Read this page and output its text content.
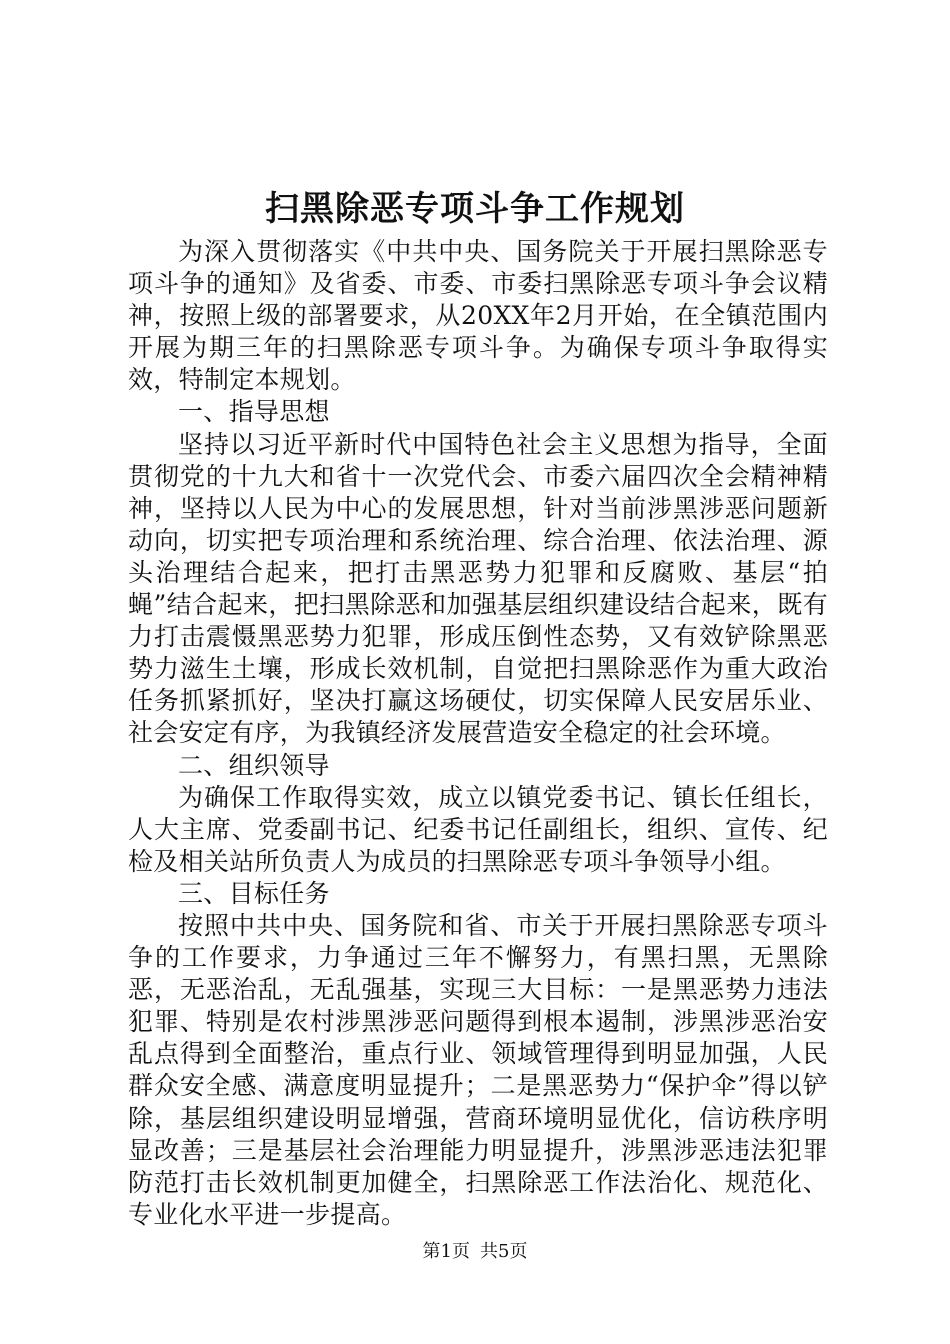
扫黑除恶专项斗争工作规划

为深入贯彻落实《中共中央、国务院关于开展扫黑除恶专项斗争的通知》及省委、市委、市委扫黑除恶专项斗争会议精神，按照上级的部署要求，从20XX年2月开始，在全镇范围内开展为期三年的扫黑除恶专项斗争。为确保专项斗争取得实效，特制定本规划。

一、指导思想

坚持以习近平新时代中国特色社会主义思想为指导，全面贯彻党的十九大和省十一次党代会、市委六届四次全会精神精神，坚持以人民为中心的发展思想，针对当前涉黑涉恶问题新动向，切实把专项治理和系统治理、综合治理、依法治理、源头治理结合起来，把打击黑恶势力犯罪和反腐败、基层“拍蝇”结合起来，把扫黑除恶和加强基层组织建设结合起来，既有力打击震慑黑恶势力犯罪，形成压倒性态势，又有效铲除黑恶势力滋生土壤，形成长效机制，自觉把扫黑除恶作为重大政治任务抓紧抓好，坚决打赢这场硬仗，切实保障人民安居乐业、社会安定有序，为我镇经济发展营造安全稳定的社会环境。

二、组织领导

为确保工作取得实效，成立以镇党委书记、镇长任组长，人大主席、党委副书记、纪委书记任副组长，组织、宣传、纪检及相关站所负责人为成员的扫黑除恶专项斗争领导小组。

三、目标任务

按照中共中央、国务院和省、市关于开展扫黑除恶专项斗争的工作要求，力争通过三年不懈努力，有黑扫黑，无黑除恶，无恶治乱，无乱强基，实现三大目标：一是黑恶势力违法犯罪、特别是农村涉黑涉恶问题得到根本遏制，涉黑涉恶治安乱点得到全面整治，重点行业、领域管理得到明显加强，人民群众安全感、满意度明显提升；二是黑恶势力“保护伞”得以铲除，基层组织建设明显增强，营商环境明显优化，信访秩序明显改善；三是基层社会治理能力明显提升，涉黑涉恶违法犯罪防范打击长效机制更加健全，扫黑除恶工作法治化、规范化、专业化水平进一步提高。

第1页 共5页
